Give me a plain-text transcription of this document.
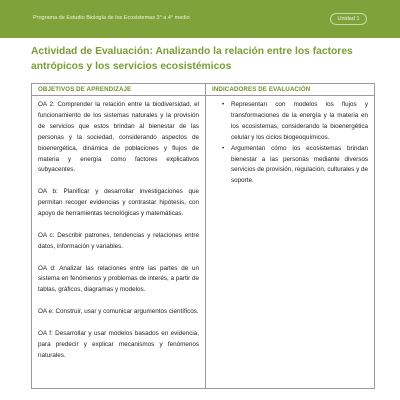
Programa de Estudio Biología de los Ecosistemas 3° a 4° medio	Unidad 1
Actividad de Evaluación: Analizando la relación entre los factores antrópicos y los servicios ecosistémicos
OBJETIVOS DE APRENDIZAJE
OA 2: Comprender la relación entre la biodiversidad, el funcionamiento de los sistemas naturales y la provisión de servicios que estos brindan al bienestar de las personas y la sociedad, considerando aspectos de bioenergética, dinámica de poblaciones y flujos de materia y energía como factores explicativos subyacentes.
OA b: Planificar y desarrollar investigaciones que permitan recoger evidencias y contrastar hipótesis, con apoyo de herramientas tecnológicas y matemáticas.
OA c: Describir patrones, tendencias y relaciones entre datos, información y variables.
OA d: Analizar las relaciones entre las partes de un sistema en fenómenos y problemas de interés, a partir de tablas, gráficos, diagramas y modelos.
OA e: Construir, usar y comunicar argumentos científicos.
OA f: Desarrollar y usar modelos basados en evidencia, para predecir y explicar mecanismos y fenómenos naturales.
INDICADORES DE EVALUACIÓN
• Representan con modelos los flujos y transformaciones de la energía y la materia en los ecosistemas, considerando la bioenergética celular y los ciclos biogeoquímicos.
• Argumentan cómo los ecosistemas brindan bienestar a las personas mediante diversos servicios de provisión, regulación, culturales y de soporte.
